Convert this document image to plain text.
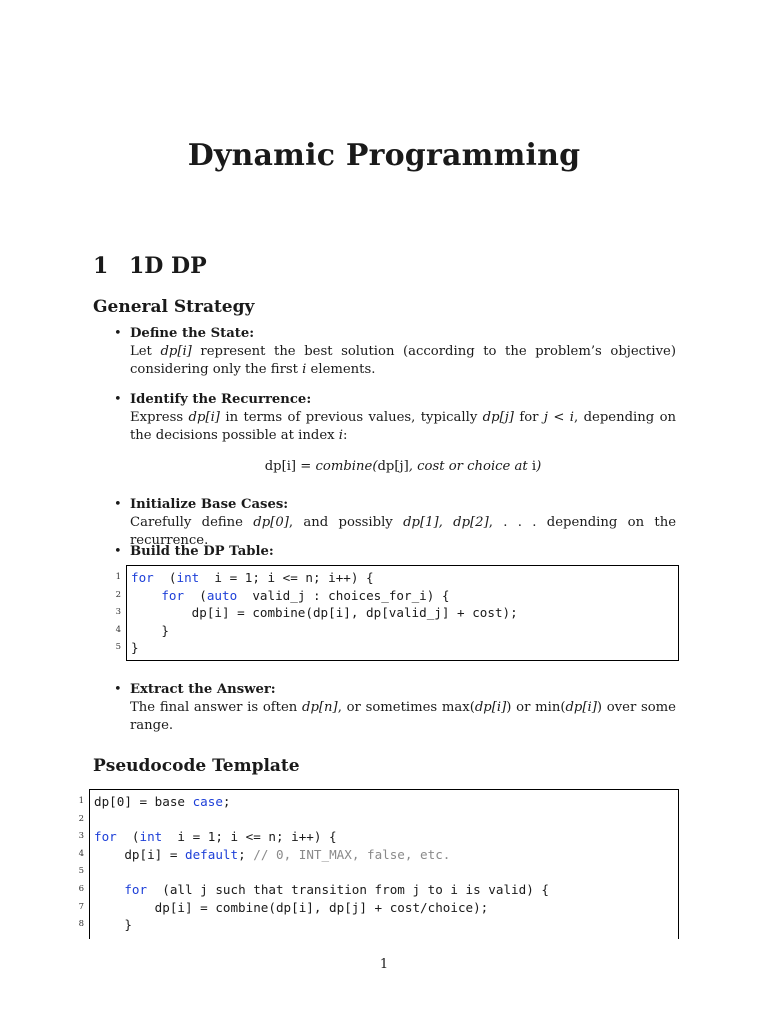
Dynamic Programming
1 1D DP
General Strategy
• Define the State:
Let dp[i] represent the best solution (according to the problem’s objective) considering only the first i elements.
• Identify the Recurrence:
Express dp[i] in terms of previous values, typically dp[j] for j < i, depending on the decisions possible at index i:
dp[i] = combine(dp[j], cost or choice at i)
• Initialize Base Cases:
Carefully define dp[0], and possibly dp[1], dp[2], . . . depending on the recurrence.
• Build the DP Table:
1 for  (int  i = 1; i <= n; i++) {
2	for  (auto  valid_j : choices_for_i) {
3 dp[i] = combine(dp[i], dp[valid_j] + cost);
4 }
5 }
• Extract the Answer:
The final answer is often dp[n], or sometimes max(dp[i]) or min(dp[i]) over some range.
Pseudocode Template
1 dp[0] = base case;
2
3 for  (int  i = 1; i <= n; i++) {
4 dp[i] = default; // 0, INT_MAX, false, etc.
5
6	for  (all j such that transition from j to i is valid) {
7 dp[i] = combine(dp[i], dp[j] + cost/choice);
8 }
1
